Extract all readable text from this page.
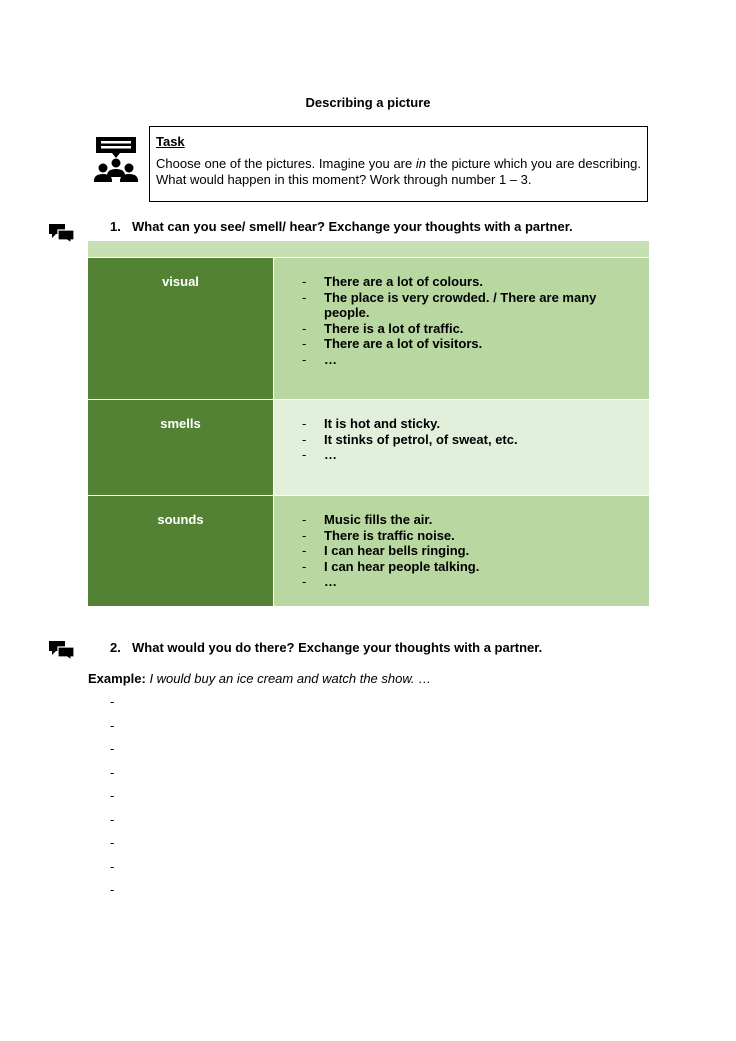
Describing a picture
Task
Choose one of the pictures. Imagine you are in the picture which you are describing. What would happen in this moment? Work through number 1 – 3.
1. What can you see/ smell/ hear? Exchange your thoughts with a partner.
visual	- There are a lot of colours.
- The place is very crowded. / There are many people.
- There is a lot of traffic.
- There are a lot of visitors.
- …
smells	- It is hot and sticky.
- It stinks of petrol, of sweat, etc.
- …
sounds	- Music fills the air.
- There is traffic noise.
- I can hear bells ringing.
- I can hear people talking.
- …
2. What would you do there? Exchange your thoughts with a partner.
Example: I would buy an ice cream and watch the show. …
-
-
-
-
-
-
-
-
-
